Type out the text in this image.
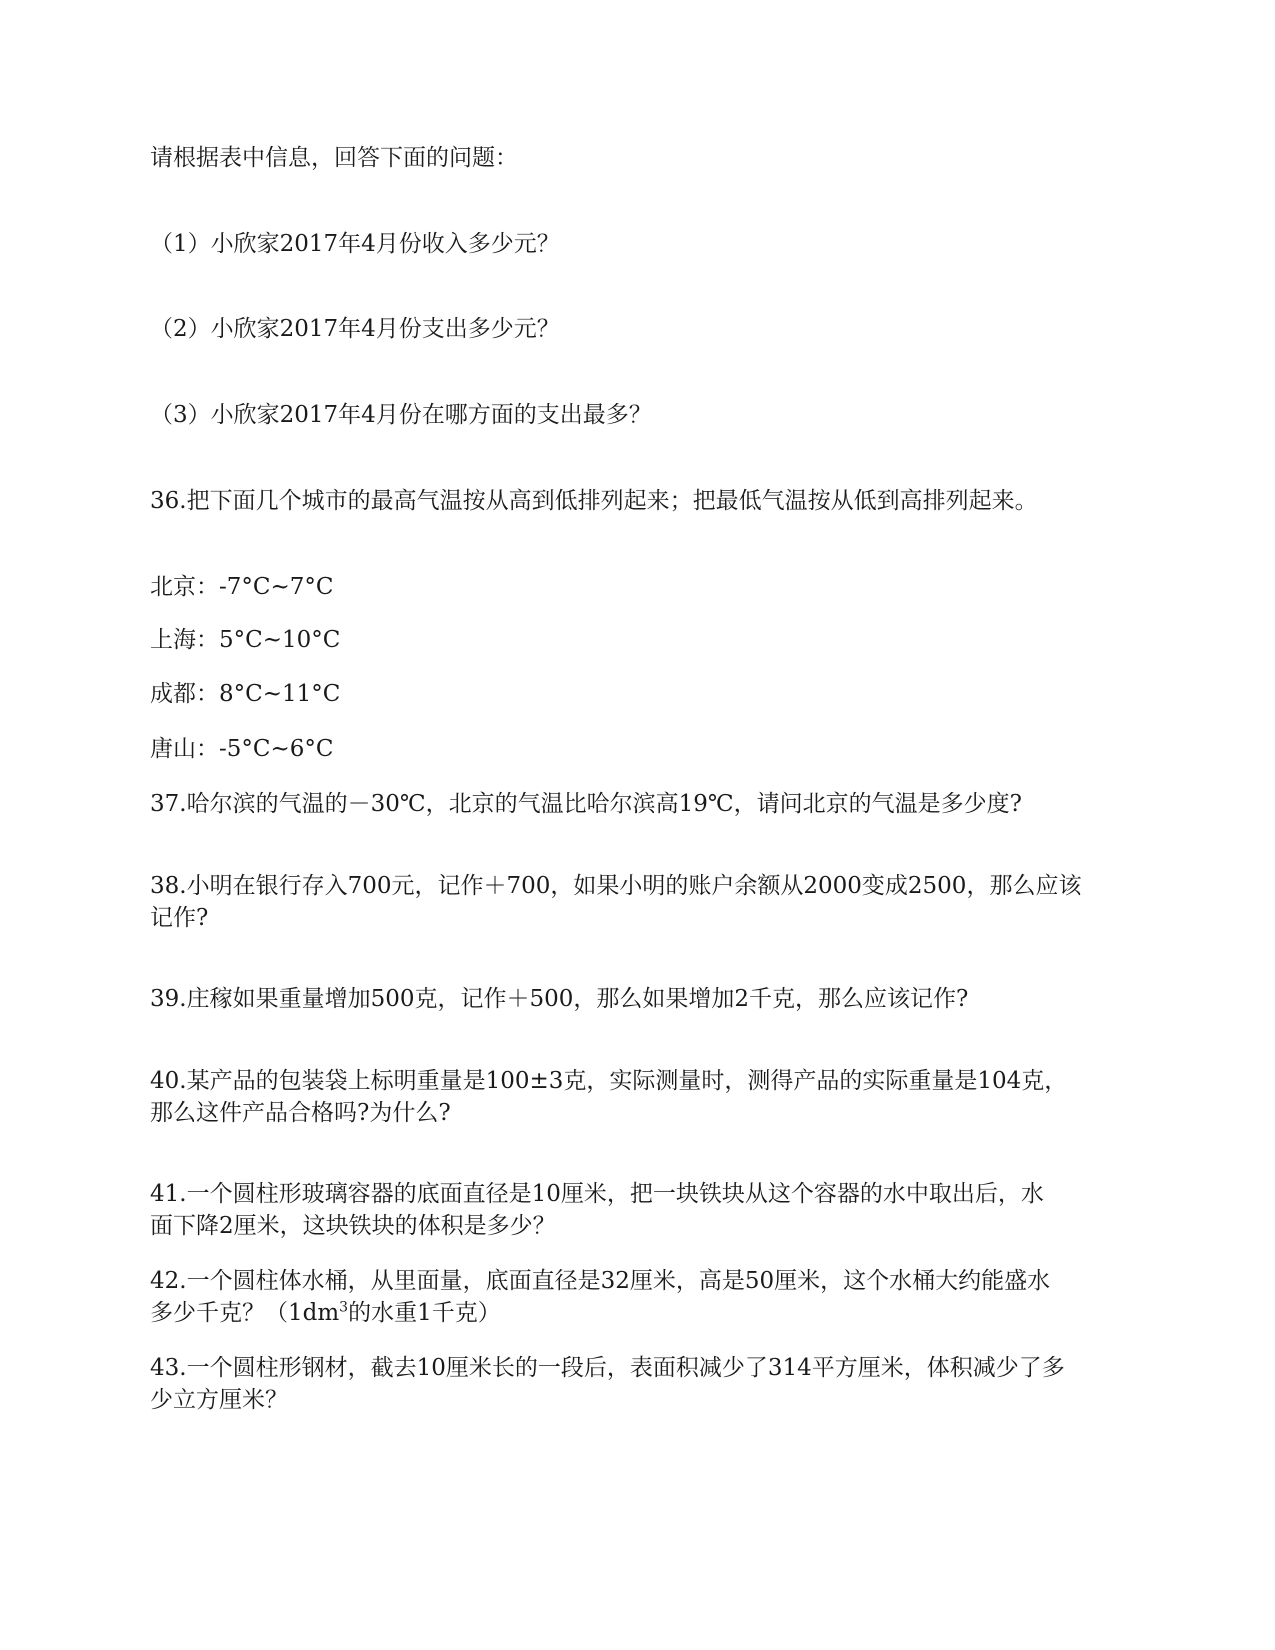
请根据表中信息，回答下面的问题：
（1）小欣家2017年4月份收入多少元？
（2）小欣家2017年4月份支出多少元？
（3）小欣家2017年4月份在哪方面的支出最多？
36.把下面几个城市的最高气温按从高到低排列起来；把最低气温按从低到高排列起来。
北京：-7°C~7°C
上海：5°C~10°C
成都：8°C~11°C
唐山：-5°C~6°C
37.哈尔滨的气温的－30℃，北京的气温比哈尔滨高19℃，请问北京的气温是多少度?
38.小明在银行存入700元，记作＋700，如果小明的账户余额从2000变成2500，那么应该
记作?
39.庄稼如果重量增加500克，记作＋500，那么如果增加2千克，那么应该记作?
40.某产品的包装袋上标明重量是100±3克，实际测量时，测得产品的实际重量是104克，
那么这件产品合格吗?为什么?
41.一个圆柱形玻璃容器的底面直径是10厘米，把一块铁块从这个容器的水中取出后，水
面下降2厘米，这块铁块的体积是多少？
42.一个圆柱体水桶，从里面量，底面直径是32厘米，高是50厘米，这个水桶大约能盛水
多少千克？（$1dm^3$的水重1千克）
43.一个圆柱形钢材，截去10厘米长的一段后，表面积减少了314平方厘米，体积减少了多
少立方厘米？
